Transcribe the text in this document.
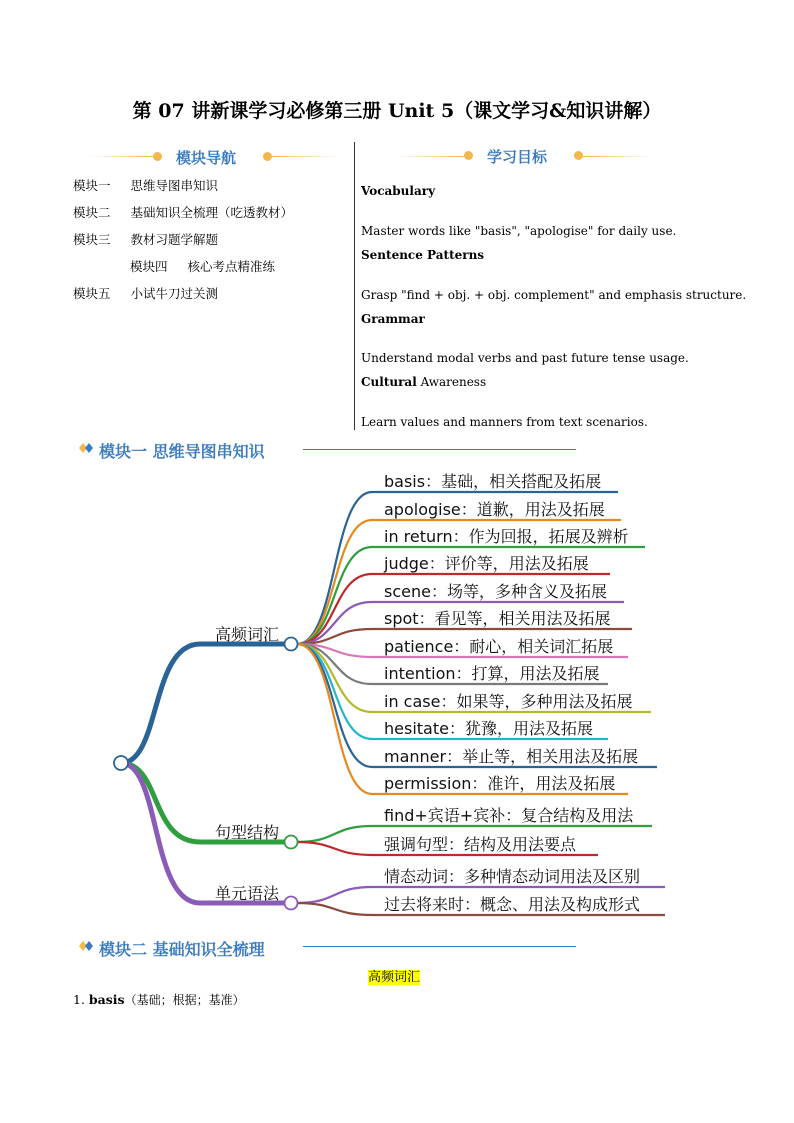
第 07 讲新课学习必修第三册 Unit 5（课文学习&知识讲解）
模块导航
模块一 思维导图串知识
模块二 基础知识全梳理（吃透教材）
模块三 教材习题学解题
模块四 核心考点精准练
模块五 小试牛刀过关测
学习目标
Vocabulary
Master words like "basis", "apologise" for daily use.
Sentence Patterns
Grasp "find + obj. + obj. complement" and emphasis structure.
Grammar
Understand modal verbs and past future tense usage.
Cultural Awareness
Learn values and manners from text scenarios.
模块一 思维导图串知识
高频词汇
basis：基础，相关搭配及拓展
apologise：道歉，用法及拓展
in return：作为回报，拓展及辨析
judge：评价等，用法及拓展
scene：场等，多种含义及拓展
spot：看见等，相关用法及拓展
patience：耐心，相关词汇拓展
intention：打算，用法及拓展
in case：如果等，多种用法及拓展
hesitate：犹豫，用法及拓展
manner：举止等，相关用法及拓展
permission：准许，用法及拓展
句型结构
find+宾语+宾补：复合结构及用法
强调句型：结构及用法要点
单元语法
情态动词：多种情态动词用法及区别
过去将来时：概念、用法及构成形式
模块二 基础知识全梳理
高频词汇
1. basis（基础；根据；基准）
